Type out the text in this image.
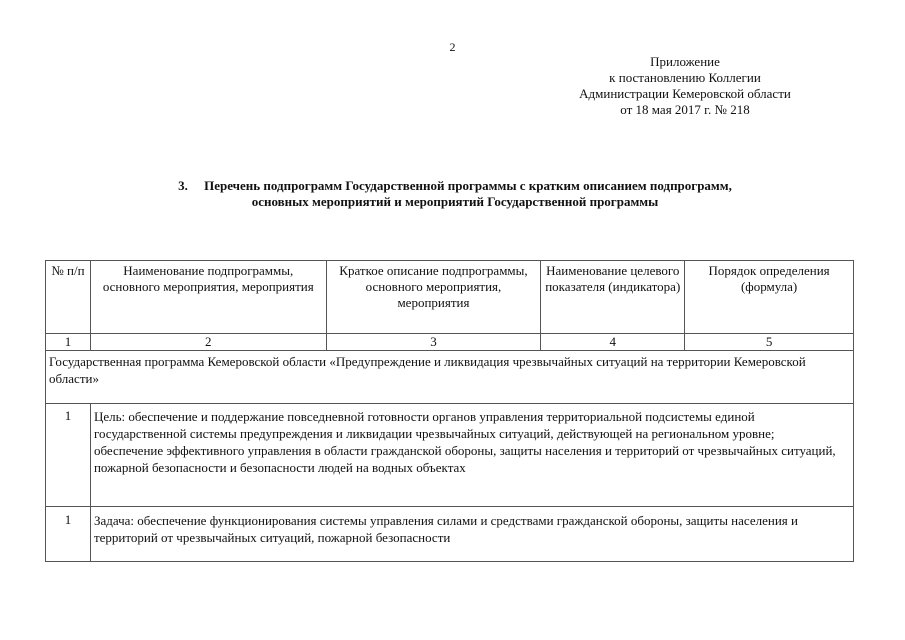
2
Приложение
к постановлению Коллегии
Администрации Кемеровской области
от 18 мая 2017 г. № 218
3. Перечень подпрограмм Государственной программы с кратким описанием подпрограмм,
основных мероприятий и мероприятий Государственной программы
№ п/п	Наименование подпрограммы, основного мероприятия, мероприятия	Краткое описание подпрограммы, основного мероприятия, мероприятия	Наименование целевого показателя (индикатора)	Порядок определения (формула)
1	2	3	4	5
Государственная программа Кемеровской области «Предупреждение и ликвидация чрезвычайных ситуаций на территории Кемеровской области»				
1	Цель: обеспечение и поддержание повседневной готовности органов управления территориальной подсистемы единой государственной системы предупреждения и ликвидации чрезвычайных ситуаций, действующей на региональном уровне;
обеспечение эффективного управления в области гражданской обороны, защиты населения и территорий от чрезвычайных ситуаций, пожарной безопасности и безопасности людей на водных объектах			

1	Задача: обеспечение функционирования системы управления силами и средствами гражданской обороны, защиты населения и территорий от чрезвычайных ситуаций, пожарной безопасности			
